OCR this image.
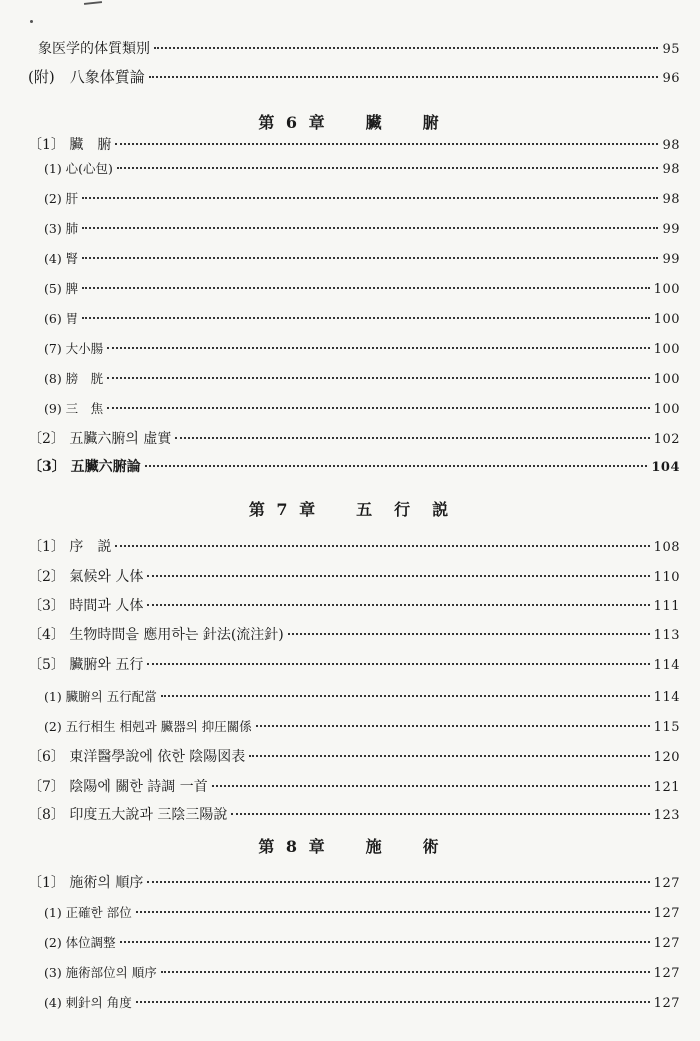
象医学的体質類別	95
(附)　八象体質論	96
第 6 章　　臟　　腑
〔1〕 臟　腑	98
(1) 心(心包)	98
(2) 肝	98
(3) 肺	99
(4) 腎	99
(5) 脾	100
(6) 胃	100
(7) 大小腸	100
(8) 膀　胱	100
(9) 三　焦	100
〔2〕 五臟六腑의 虛實	102
〔3〕 五臟六腑論	104
第 7 章　　五　行　説
〔1〕 序　説	108
〔2〕 氣候와 人体	110
〔3〕 時間과 人体	111
〔4〕 生物時間을 應用하는 針法(流注針)	113
〔5〕 臟腑와 五行	114
(1) 臟腑의 五行配當	114
(2) 五行相生 相剋과 臟器의 抑圧關係	115
〔6〕 東洋醫學說에 依한 陰陽図表	120
〔7〕 陰陽에 關한 詩調 一首	121
〔8〕 印度五大說과 三陰三陽說	123
第 8 章　　施　　術
〔1〕 施術의 順序	127
(1) 正確한 部位	127
(2) 体位調整	127
(3) 施術部位의 順序	127
(4) 刺針의 角度	127
